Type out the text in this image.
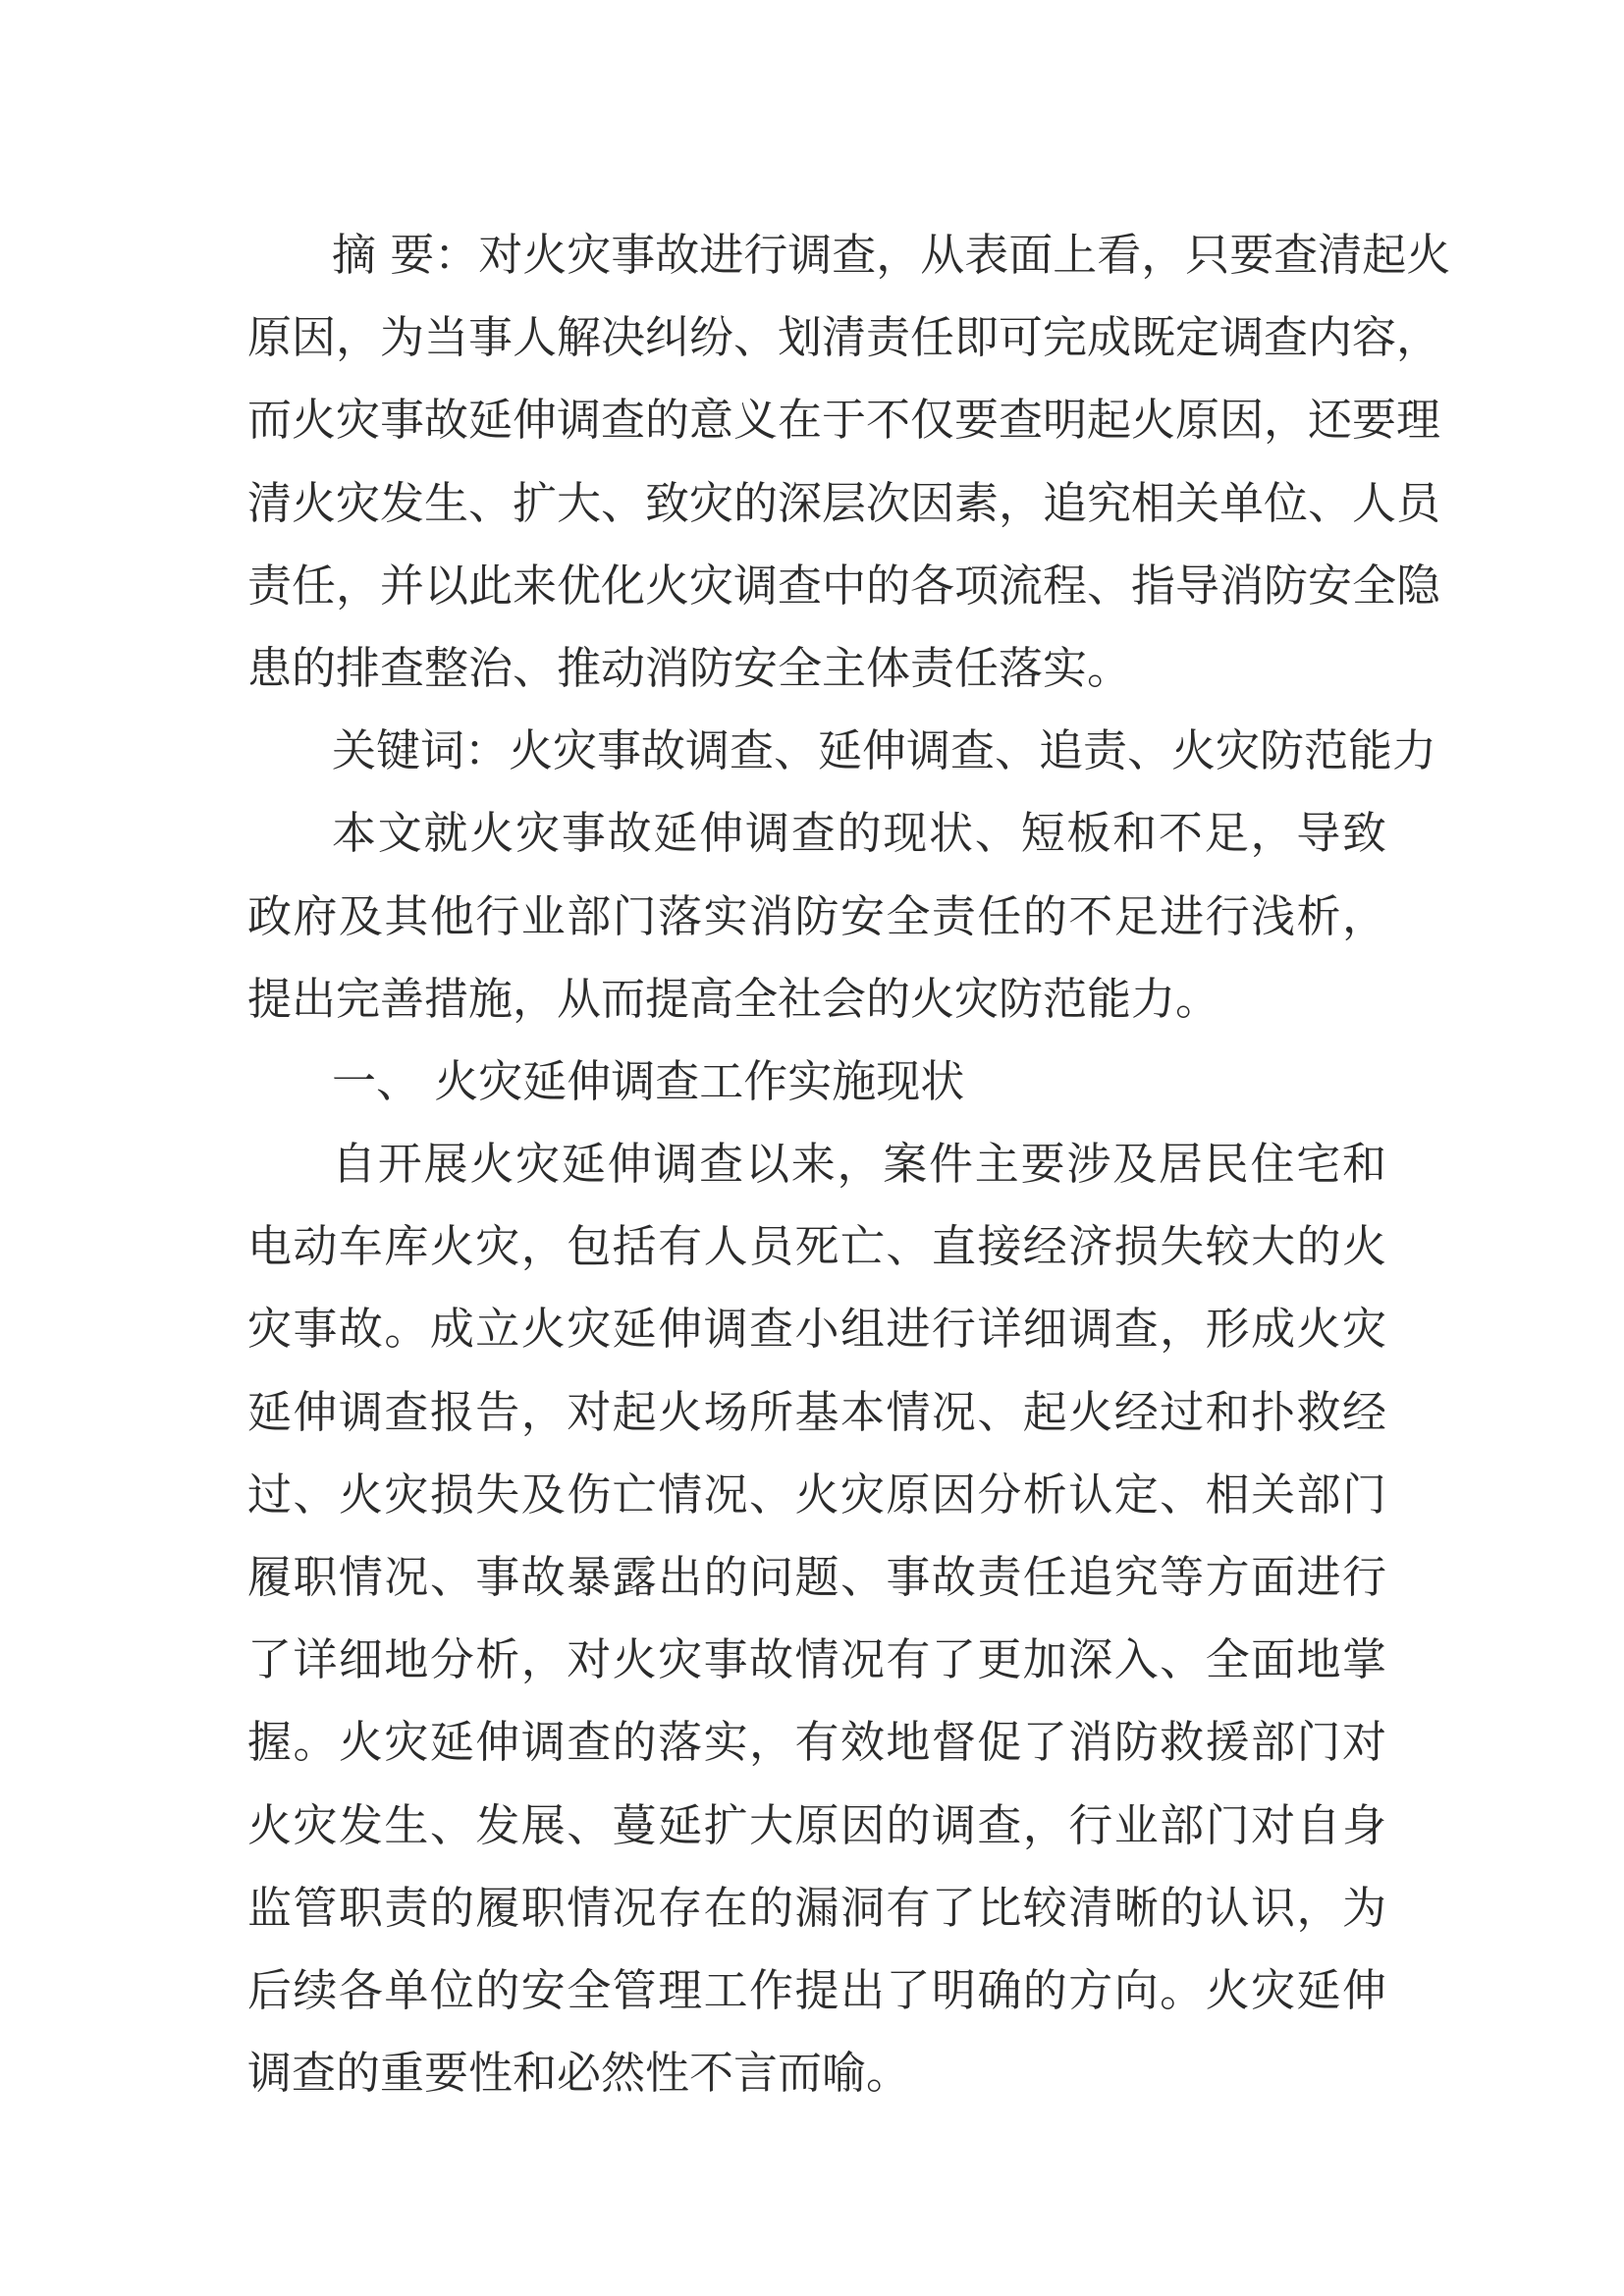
摘 要：对火灾事故进行调查，从表面上看，只要查清起火
原因，为当事人解决纠纷、划清责任即可完成既定调查内容，
而火灾事故延伸调查的意义在于不仅要查明起火原因，还要理
清火灾发生、扩大、致灾的深层次因素，追究相关单位、人员
责任，并以此来优化火灾调查中的各项流程、指导消防安全隐
患的排查整治、推动消防安全主体责任落实。
关键词：火灾事故调查、延伸调查、追责、火灾防范能力
本文就火灾事故延伸调查的现状、短板和不足，导致
政府及其他行业部门落实消防安全责任的不足进行浅析，
提出完善措施，从而提高全社会的火灾防范能力。
一、 火灾延伸调查工作实施现状
自开展火灾延伸调查以来，案件主要涉及居民住宅和
电动车库火灾，包括有人员死亡、直接经济损失较大的火
灾事故。成立火灾延伸调查小组进行详细调查，形成火灾
延伸调查报告，对起火场所基本情况、起火经过和扑救经
过、火灾损失及伤亡情况、火灾原因分析认定、相关部门
履职情况、事故暴露出的问题、事故责任追究等方面进行
了详细地分析，对火灾事故情况有了更加深入、全面地掌
握。火灾延伸调查的落实，有效地督促了消防救援部门对
火灾发生、发展、蔓延扩大原因的调查，行业部门对自身
监管职责的履职情况存在的漏洞有了比较清晰的认识，为
后续各单位的安全管理工作提出了明确的方向。火灾延伸
调查的重要性和必然性不言而喻。
